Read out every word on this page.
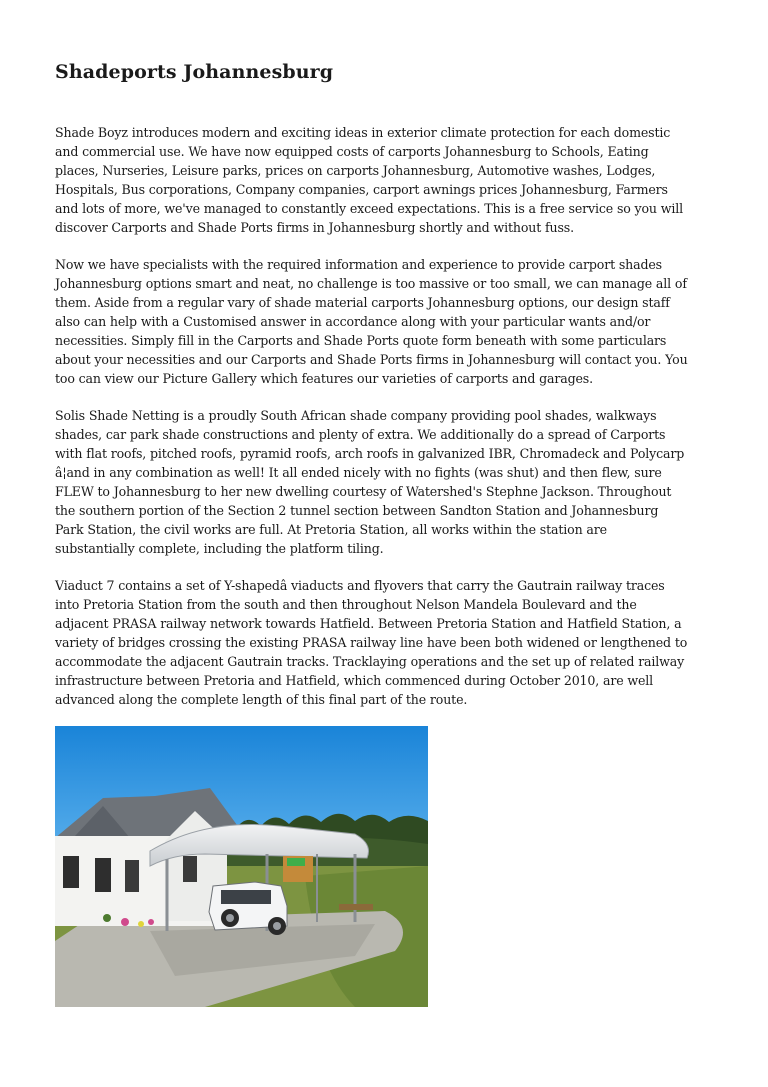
Shadeports Johannesburg
Shade Boyz introduces modern and exciting ideas in exterior climate protection for each domestic
and commercial use. We have now equipped costs of carports Johannesburg to Schools, Eating
places, Nurseries, Leisure parks, prices on carports Johannesburg, Automotive washes, Lodges,
Hospitals, Bus corporations, Company companies, carport awnings prices Johannesburg, Farmers
and lots of more, we've managed to constantly exceed expectations. This is a free service so you will
discover Carports and Shade Ports firms in Johannesburg shortly and without fuss.
Now we have specialists with the required information and experience to provide carport shades
Johannesburg options smart and neat, no challenge is too massive or too small, we can manage all of
them. Aside from a regular vary of shade material carports Johannesburg options, our design staff
also can help with a Customised answer in accordance along with your particular wants and/or
necessities. Simply fill in the Carports and Shade Ports quote form beneath with some particulars
about your necessities and our Carports and Shade Ports firms in Johannesburg will contact you. You
too can view our Picture Gallery which features our varieties of carports and garages.
Solis Shade Netting is a proudly South African shade company providing pool shades, walkways
shades, car park shade constructions and plenty of extra. We additionally do a spread of Carports
with flat roofs, pitched roofs, pyramid roofs, arch roofs in galvanized IBR, Chromadeck and Polycarp
â¦and in any combination as well! It all ended nicely with no fights (was shut) and then flew, sure
FLEW to Johannesburg to her new dwelling courtesy of Watershed's Stephne Jackson. Throughout
the southern portion of the Section 2 tunnel section between Sandton Station and Johannesburg
Park Station, the civil works are full. At Pretoria Station, all works within the station are
substantially complete, including the platform tiling.
Viaduct 7 contains a set of Y-shapedâ viaducts and flyovers that carry the Gautrain railway traces
into Pretoria Station from the south and then throughout Nelson Mandela Boulevard and the
adjacent PRASA railway network towards Hatfield. Between Pretoria Station and Hatfield Station, a
variety of bridges crossing the existing PRASA railway line have been both widened or lengthened to
accommodate the adjacent Gautrain tracks. Tracklaying operations and the set up of related railway
infrastructure between Pretoria and Hatfield, which commenced during October 2010, are well
advanced along the complete length of this final part of the route.
